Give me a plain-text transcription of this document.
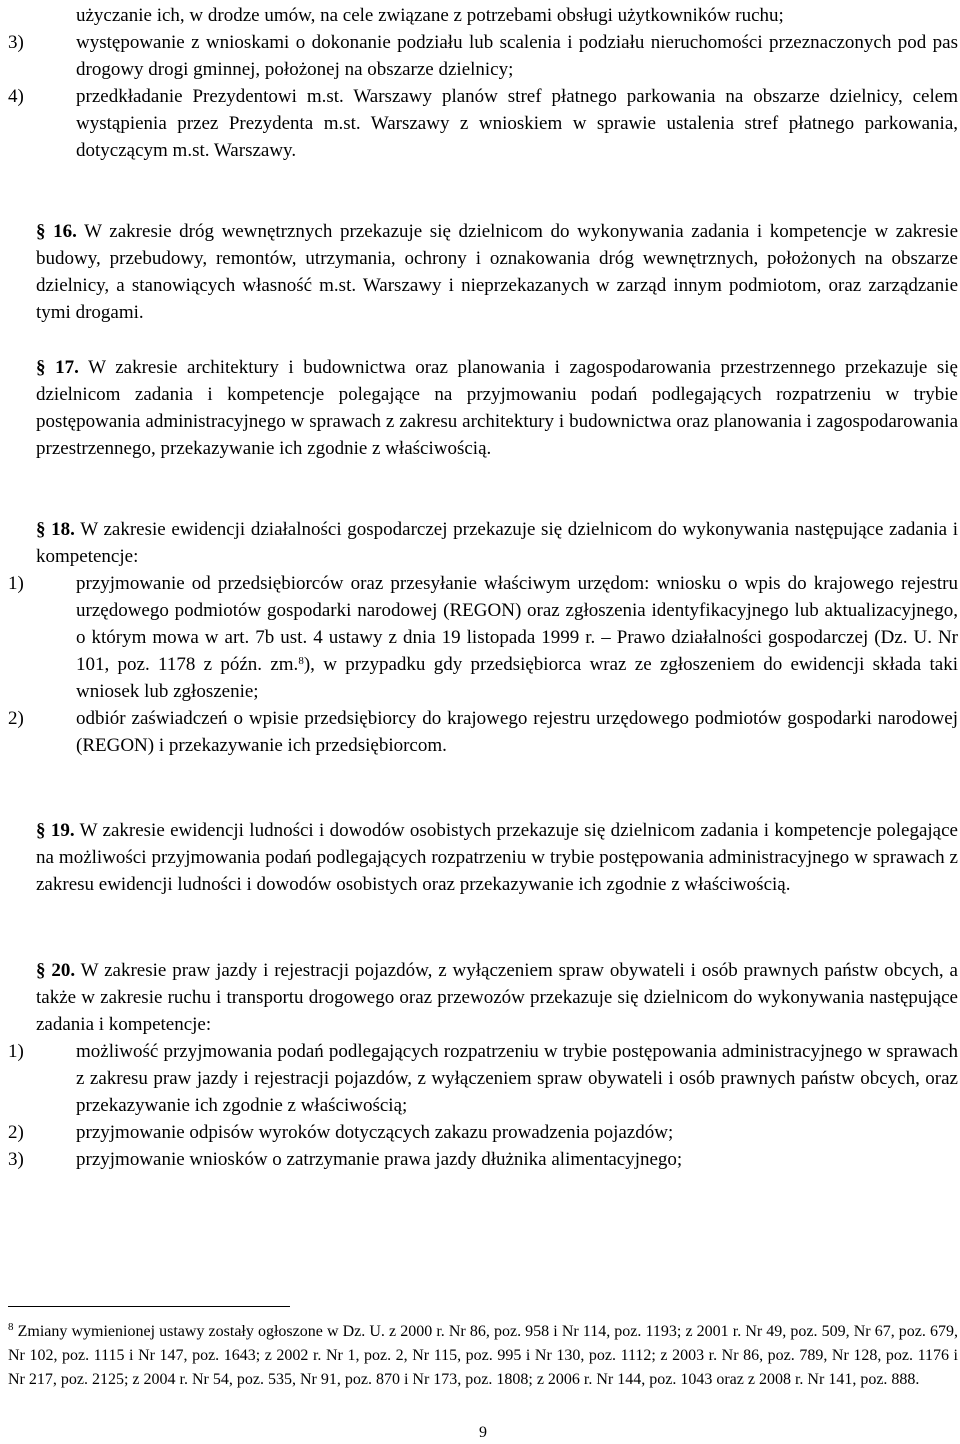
użyczanie ich, w drodze umów, na cele związane z potrzebami obsługi użytkowników ruchu;
3)	występowanie z wnioskami o dokonanie podziału lub scalenia i podziału nieruchomości przeznaczonych pod pas drogowy drogi gminnej, położonej na obszarze dzielnicy;
4)	przedkładanie Prezydentowi m.st. Warszawy planów stref płatnego parkowania na obszarze dzielnicy, celem wystąpienia przez Prezydenta m.st. Warszawy z wnioskiem w sprawie ustalenia stref płatnego parkowania, dotyczącym m.st. Warszawy.

§ 16. W zakresie dróg wewnętrznych przekazuje się dzielnicom do wykonywania zadania i kompetencje w zakresie budowy, przebudowy, remontów, utrzymania, ochrony i oznakowania dróg wewnętrznych, położonych na obszarze dzielnicy, a stanowiących własność m.st. Warszawy i nieprzekazanych w zarząd innym podmiotom, oraz zarządzanie tymi drogami.

§ 17. W zakresie architektury i budownictwa oraz planowania i zagospodarowania przestrzennego przekazuje się dzielnicom zadania i kompetencje polegające na przyjmowaniu podań podlegających rozpatrzeniu w trybie postępowania administracyjnego w sprawach z zakresu architektury i budownictwa oraz planowania i zagospodarowania przestrzennego, przekazywanie ich zgodnie z właściwością.

§ 18. W zakresie ewidencji działalności gospodarczej przekazuje się dzielnicom do wykonywania następujące zadania i kompetencje:

1)	przyjmowanie od przedsiębiorców oraz przesyłanie właściwym urzędom: wniosku o wpis do krajowego rejestru urzędowego podmiotów gospodarki narodowej (REGON) oraz zgłoszenia identyfikacyjnego lub aktualizacyjnego, o którym mowa w art. 7b ust. 4 ustawy z dnia 19 listopada 1999 r. – Prawo działalności gospodarczej (Dz. U. Nr 101, poz. 1178 z późn. zm.$^8$), w przypadku gdy przedsiębiorca wraz ze zgłoszeniem do ewidencji składa taki wniosek lub zgłoszenie;
2)	odbiór zaświadczeń o wpisie przedsiębiorcy do krajowego rejestru urzędowego podmiotów gospodarki narodowej (REGON) i przekazywanie ich przedsiębiorcom.

§ 19. W zakresie ewidencji ludności i dowodów osobistych przekazuje się dzielnicom zadania i kompetencje polegające na możliwości przyjmowania podań podlegających rozpatrzeniu w trybie postępowania administracyjnego w sprawach z zakresu ewidencji ludności i dowodów osobistych oraz przekazywanie ich zgodnie z właściwością.

§ 20. W zakresie praw jazdy i rejestracji pojazdów, z wyłączeniem spraw obywateli i osób prawnych państw obcych, a także w zakresie ruchu i transportu drogowego oraz przewozów przekazuje się dzielnicom do wykonywania następujące zadania i kompetencje:

1)	możliwość przyjmowania podań podlegających rozpatrzeniu w trybie postępowania administracyjnego w sprawach z zakresu praw jazdy i rejestracji pojazdów, z wyłączeniem spraw obywateli i osób prawnych państw obcych, oraz przekazywanie ich zgodnie z właściwością;
2)	przyjmowanie odpisów wyroków dotyczących zakazu prowadzenia pojazdów;
3)	przyjmowanie wniosków o zatrzymanie prawa jazdy dłużnika alimentacyjnego;
$^8$ Zmiany wymienionej ustawy zostały ogłoszone w Dz. U. z 2000 r. Nr 86, poz. 958 i Nr 114, poz. 1193; z 2001 r. Nr 49, poz. 509, Nr 67, poz. 679, Nr 102, poz. 1115 i Nr 147, poz. 1643; z 2002 r. Nr 1, poz. 2, Nr 115, poz. 995 i Nr 130, poz. 1112; z 2003 r. Nr 86, poz. 789, Nr 128, poz. 1176 i Nr 217, poz. 2125; z 2004 r. Nr 54, poz. 535, Nr 91, poz. 870 i Nr 173, poz. 1808; z 2006 r. Nr 144, poz. 1043 oraz z 2008 r. Nr 141, poz. 888.
9
